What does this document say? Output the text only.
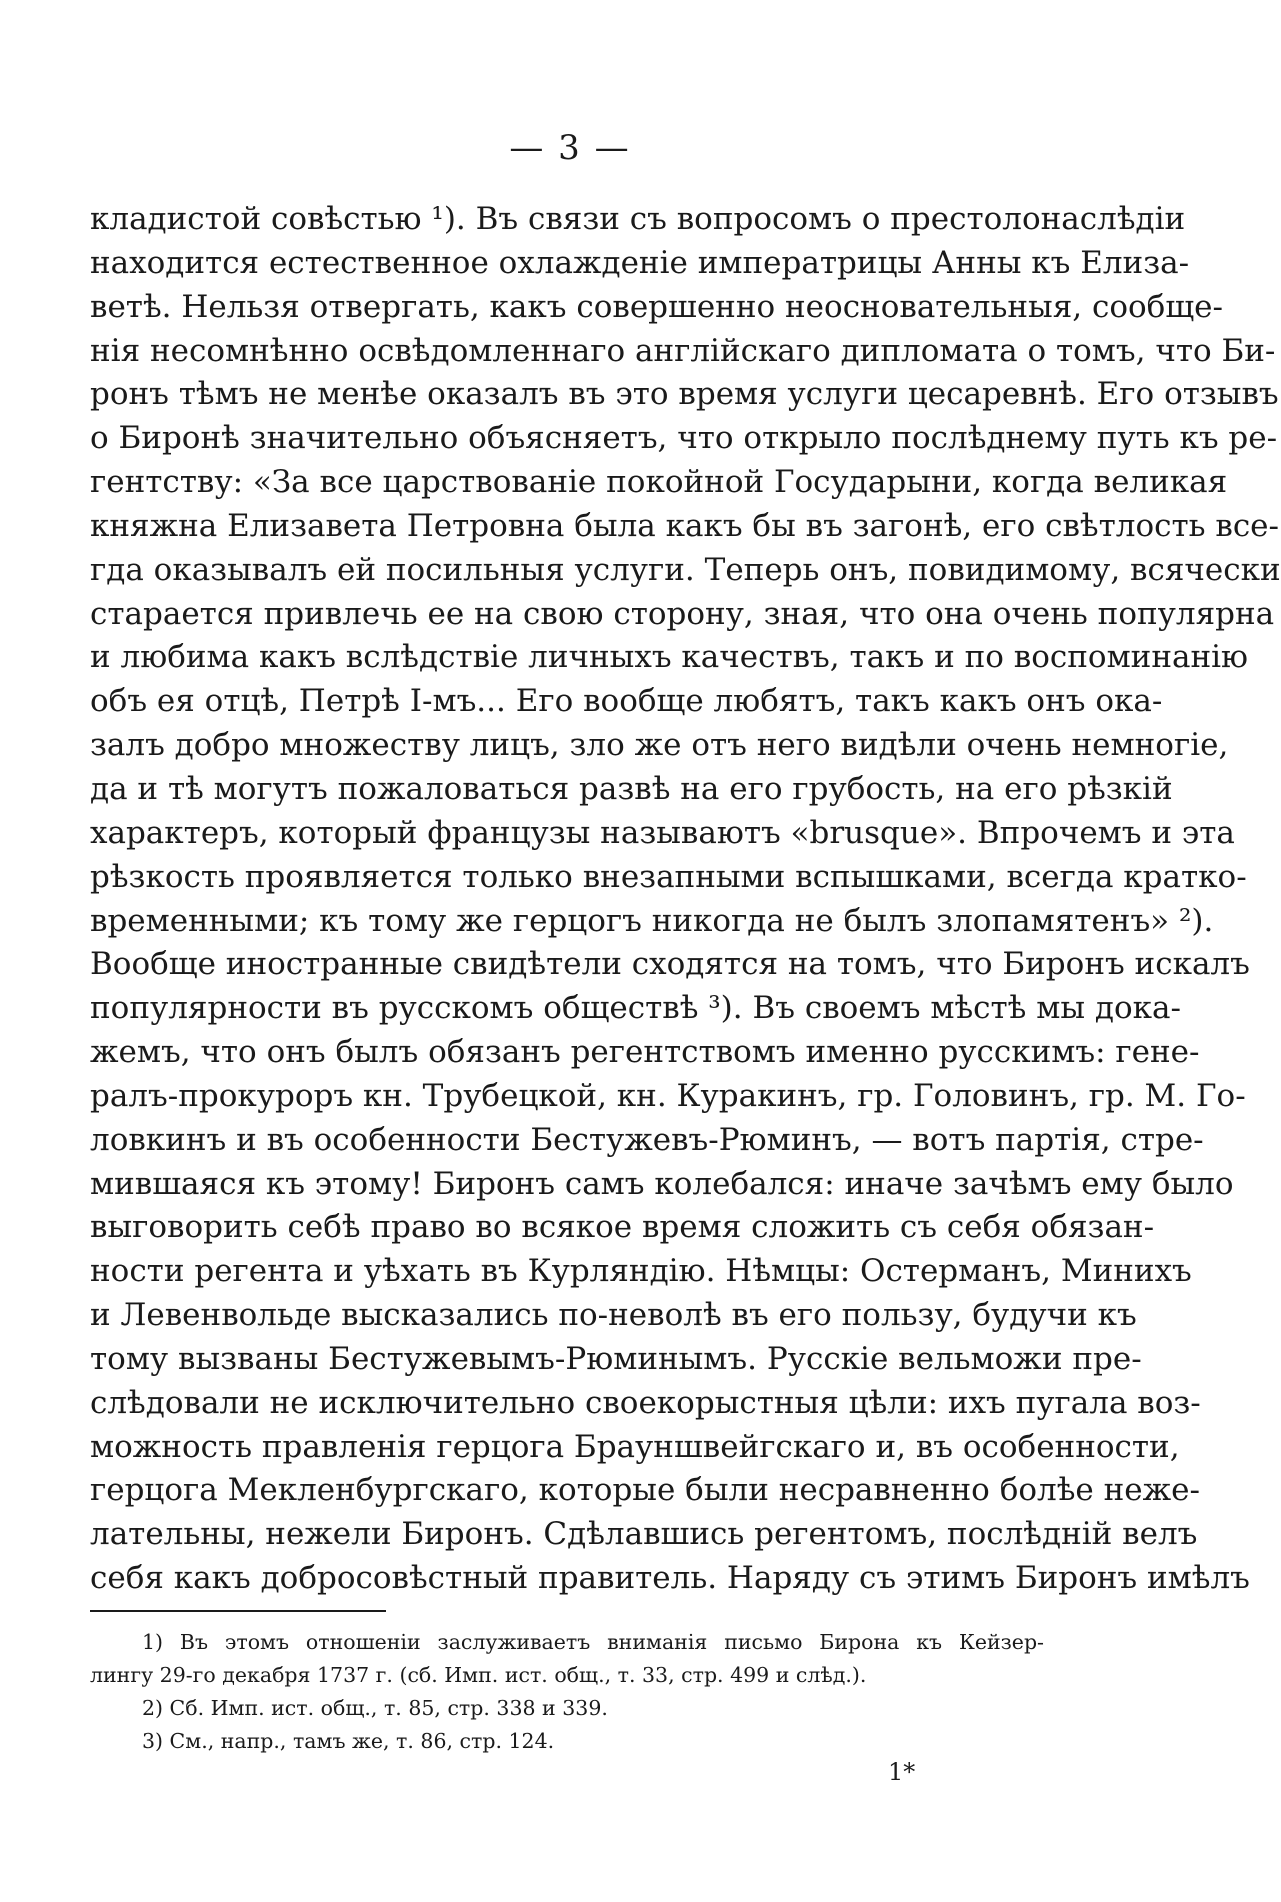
— 3 —
кладистой совѣстью ¹). Въ связи съ вопросомъ о престолонаслѣдіи
находится естественное охлажденіе императрицы Анны къ Елиза-
ветѣ. Нельзя отвергать, какъ совершенно неосновательныя, сообще-
нія несомнѣнно освѣдомленнаго англійскаго дипломата о томъ, что Би-
ронъ тѣмъ не менѣе оказалъ въ это время услуги цесаревнѣ. Его отзывъ
о Биронѣ значительно объясняетъ, что открыло послѣднему путь къ ре-
гентству: «За все царствованіе покойной Государыни, когда великая
княжна Елизавета Петровна была какъ бы въ загонѣ, его свѣтлость все-
гда оказывалъ ей посильныя услуги. Теперь онъ, повидимому, всячески
старается привлечь ее на свою сторону, зная, что она очень популярна
и любима какъ вслѣдствіе личныхъ качествъ, такъ и по воспоминанію
объ ея отцѣ, Петрѣ I-мъ... Его вообще любятъ, такъ какъ онъ ока-
залъ добро множеству лицъ, зло же отъ него видѣли очень немногіе,
да и тѣ могутъ пожаловаться развѣ на его грубость, на его рѣзкій
характеръ, который французы называютъ «brusque». Впрочемъ и эта
рѣзкость проявляется только внезапными вспышками, всегда кратко-
временными; къ тому же герцогъ никогда не былъ злопамятенъ» ²).
Вообще иностранные свидѣтели сходятся на томъ, что Биронъ искалъ
популярности въ русскомъ обществѣ ³). Въ своемъ мѣстѣ мы дока-
жемъ, что онъ былъ обязанъ регентствомъ именно русскимъ: гене-
ралъ-прокуроръ кн. Трубецкой, кн. Куракинъ, гр. Головинъ, гр. М. Го-
ловкинъ и въ особенности Бестужевъ-Рюминъ, — вотъ партія, стре-
мившаяся къ этому! Биронъ самъ колебался: иначе зачѣмъ ему было
выговорить себѣ право во всякое время сложить съ себя обязан-
ности регента и уѣхать въ Курляндію. Нѣмцы: Остерманъ, Минихъ
и Левенвольде высказались по-неволѣ въ его пользу, будучи къ
тому вызваны Бестужевымъ-Рюминымъ. Русскіе вельможи пре-
слѣдовали не исключительно своекорыстныя цѣли: ихъ пугала воз-
можность правленія герцога Брауншвейгскаго и, въ особенности,
герцога Мекленбургскаго, которые были несравненно болѣе неже-
лательны, нежели Биронъ. Сдѣлавшись регентомъ, послѣдній велъ
себя какъ добросовѣстный правитель. Наряду съ этимъ Биронъ имѣлъ
1) Въ этомъ отношеніи заслуживаетъ вниманія письмо Бирона къ Кейзер-
лингу 29-го декабря 1737 г. (сб. Имп. ист. общ., т. 33, стр. 499 и слѣд.).
2) Сб. Имп. ист. общ., т. 85, стр. 338 и 339.
3) См., напр., тамъ же, т. 86, стр. 124.
1*
